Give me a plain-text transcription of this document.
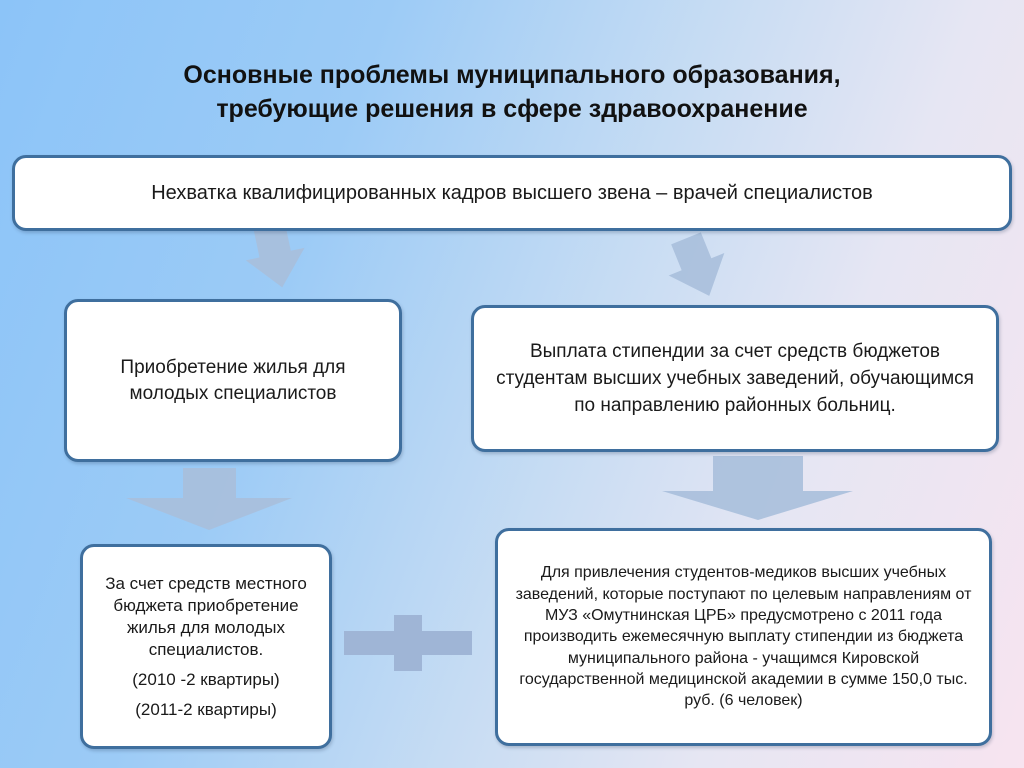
Основные проблемы муниципального образования,
требующие решения в сфере здравоохранение
Нехватка квалифицированных кадров высшего звена – врачей специалистов
Приобретение жилья для молодых специалистов
Выплата стипендии за счет средств бюджетов студентам высших учебных заведений, обучающимся по направлению районных больниц.

За счет средств местного бюджета приобретение жилья для молодых специалистов.

(2010 -2 квартиры)

(2011-2 квартиры)

Для привлечения студентов-медиков высших учебных заведений, которые поступают по целевым направлениям от МУЗ «Омутнинская ЦРБ» предусмотрено с 2011 года производить ежемесячную выплату стипендии из бюджета муниципального района - учащимся Кировской государственной медицинской академии в сумме 150,0 тыс. руб. (6 человек)
